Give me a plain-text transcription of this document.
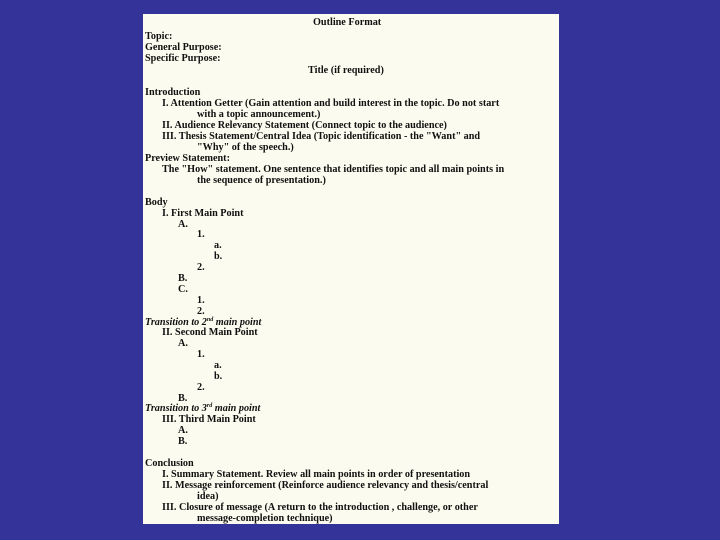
Outline Format
Topic:
General Purpose:
Specific Purpose:
Title (if required)
Introduction
I. Attention Getter (Gain attention and build interest in the topic. Do not start
with a topic announcement.)
II. Audience Relevancy Statement (Connect topic to the audience)
III. Thesis Statement/Central Idea (Topic identification - the "Want" and
"Why" of the speech.)
Preview Statement:
The "How" statement. One sentence that identifies topic and all main points in
the sequence of presentation.)
Body
I. First Main Point
A.
1.
a.
b.
2.
B.
C.
1.
2.
Transition to 2nd main point
II. Second Main Point
A.
1.
a.
b.
2.
B.
Transition to 3rd main point
III. Third Main Point
A.
B.
Conclusion
I. Summary Statement. Review all main points in order of presentation
II. Message reinforcement (Reinforce audience relevancy and thesis/central
idea)
III. Closure of message (A return to the introduction , challenge, or other
message-completion technique)
